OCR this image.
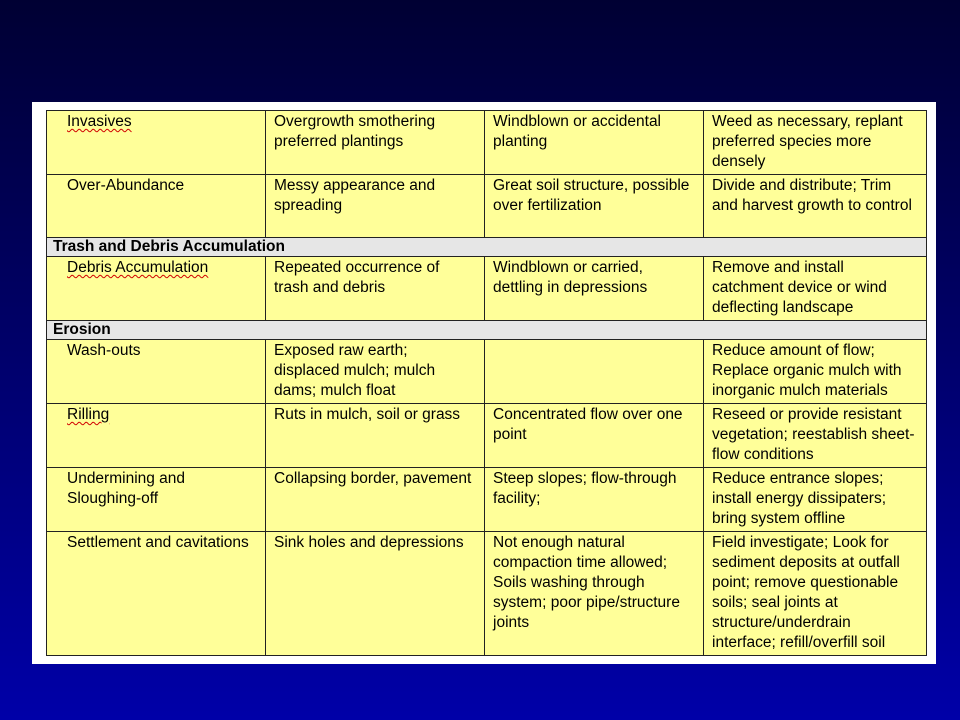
Invasives	Overgrowth smothering preferred plantings	Windblown or accidental planting	Weed as necessary, replant preferred species more densely
Over-Abundance	Messy appearance and spreading	Great soil structure, possible over fertilization	Divide and distribute; Trim and harvest growth to control
Trash and Debris Accumulation			
Debris Accumulation	Repeated occurrence of trash and debris	Windblown or carried, dettling in depressions	Remove and install catchment device or wind deflecting landscape
Erosion			
Wash-outs	Exposed raw earth; displaced mulch; mulch dams; mulch float		Reduce amount of flow; Replace organic mulch with inorganic mulch materials
Rilling	Ruts in mulch, soil or grass	Concentrated flow over one point	Reseed or provide resistant vegetation; reestablish sheet-flow conditions
Undermining and Sloughing-off	Collapsing border, pavement	Steep slopes; flow-through facility;	Reduce entrance slopes; install energy dissipaters; bring system offline
Settlement and cavitations	Sink holes and depressions	Not enough natural compaction time allowed; Soils washing through system; poor pipe/structure joints	Field investigate; Look for sediment deposits at outfall point; remove questionable soils; seal joints at structure/underdrain interface; refill/overfill soil
